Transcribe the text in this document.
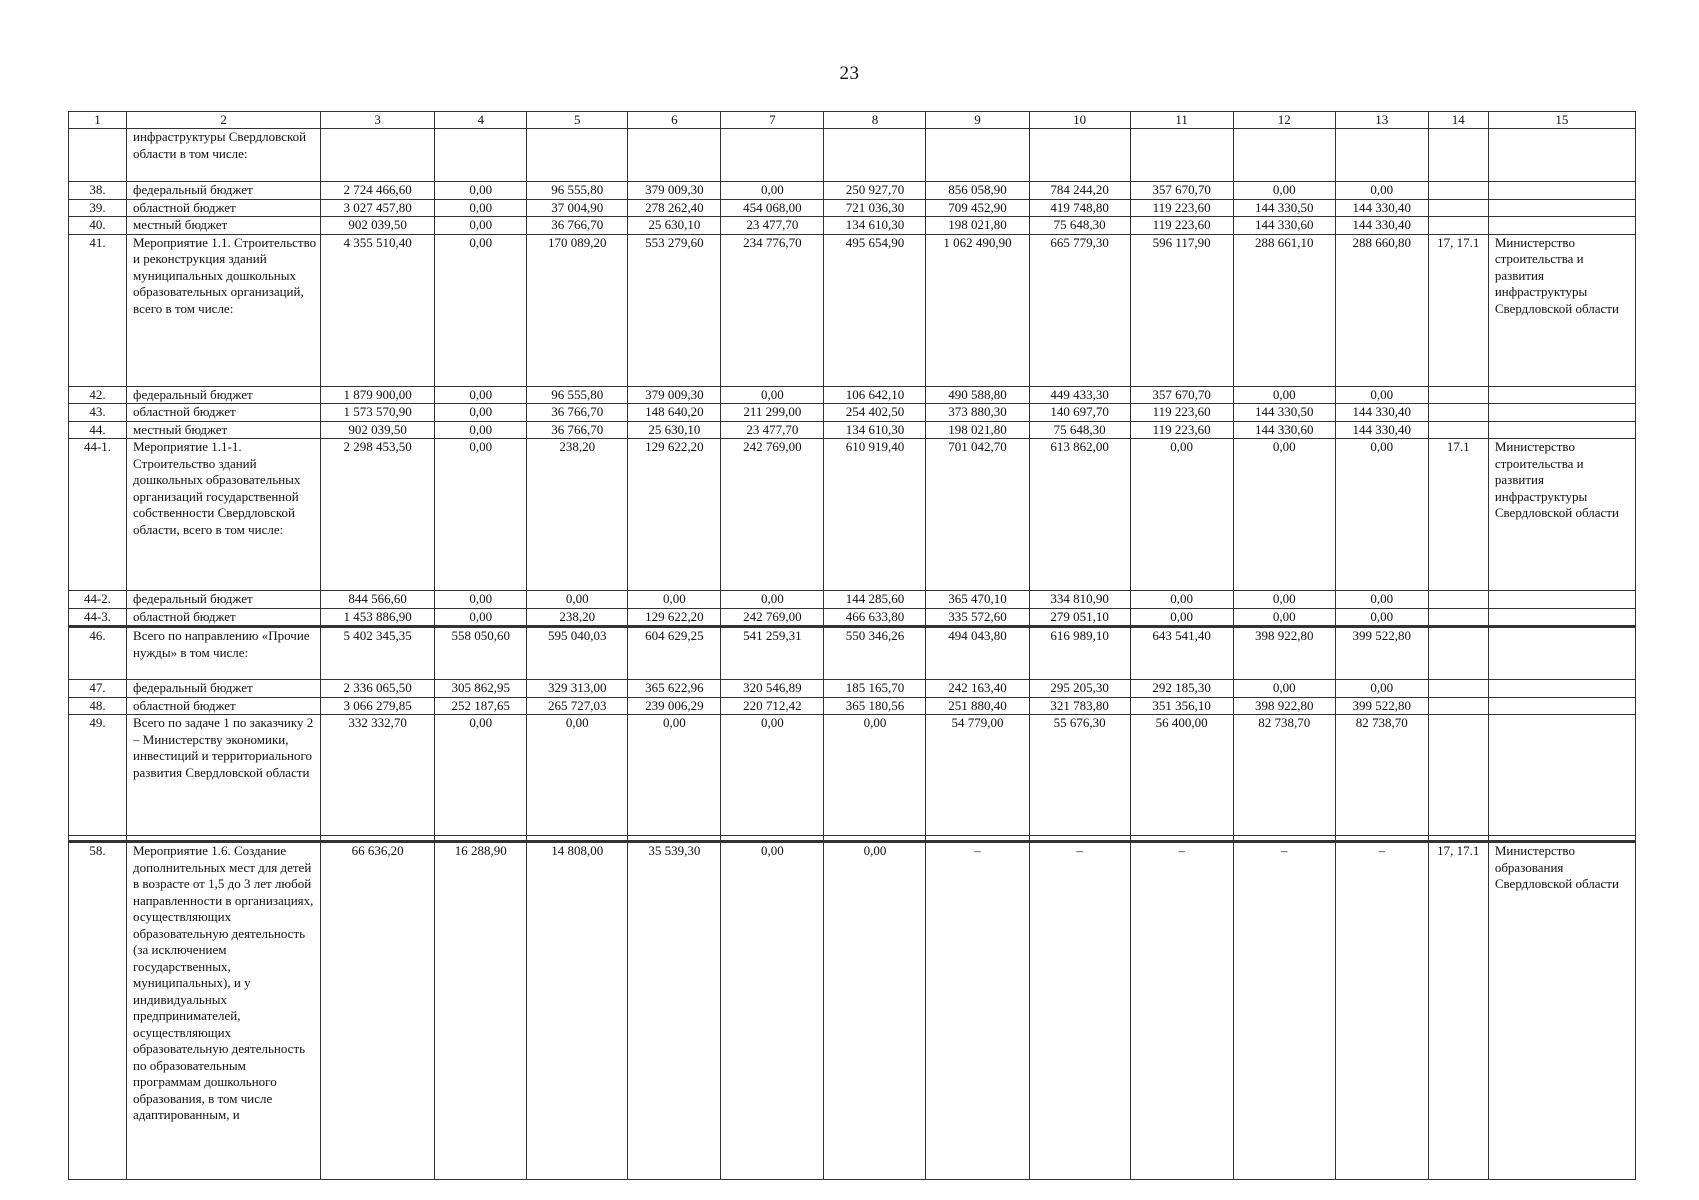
23
1	2	3	4	5	6	7	8	9	10	11	12	13	14	15
	инфраструктуры Свердловской области в том числе:													
38.	федеральный бюджет	2 724 466,60	0,00	96 555,80	379 009,30	0,00	250 927,70	856 058,90	784 244,20	357 670,70	0,00	0,00		
39.	областной бюджет	3 027 457,80	0,00	37 004,90	278 262,40	454 068,00	721 036,30	709 452,90	419 748,80	119 223,60	144 330,50	144 330,40		
40.	местный бюджет	902 039,50	0,00	36 766,70	25 630,10	23 477,70	134 610,30	198 021,80	75 648,30	119 223,60	144 330,60	144 330,40		
41.	Мероприятие 1.1. Строительство и реконструкция зданий муниципальных дошкольных образовательных организаций, всего в том числе:	4 355 510,40	0,00	170 089,20	553 279,60	234 776,70	495 654,90	1 062 490,90	665 779,30	596 117,90	288 661,10	288 660,80	17, 17.1	Министерство строительства и развития инфраструктуры Свердловской области
42.	федеральный бюджет	1 879 900,00	0,00	96 555,80	379 009,30	0,00	106 642,10	490 588,80	449 433,30	357 670,70	0,00	0,00		
43.	областной бюджет	1 573 570,90	0,00	36 766,70	148 640,20	211 299,00	254 402,50	373 880,30	140 697,70	119 223,60	144 330,50	144 330,40		
44.	местный бюджет	902 039,50	0,00	36 766,70	25 630,10	23 477,70	134 610,30	198 021,80	75 648,30	119 223,60	144 330,60	144 330,40		
44-1.	Мероприятие 1.1-1. Строительство зданий дошкольных образовательных организаций государственной собственности Свердловской области, всего в том числе:	2 298 453,50	0,00	238,20	129 622,20	242 769,00	610 919,40	701 042,70	613 862,00	0,00	0,00	0,00	17.1	Министерство строительства и развития инфраструктуры Свердловской области
44-2.	федеральный бюджет	844 566,60	0,00	0,00	0,00	0,00	144 285,60	365 470,10	334 810,90	0,00	0,00	0,00		
44-3.	областной бюджет	1 453 886,90	0,00	238,20	129 622,20	242 769,00	466 633,80	335 572,60	279 051,10	0,00	0,00	0,00		
46.	Всего по направлению «Прочие нужды» в том числе:	5 402 345,35	558 050,60	595 040,03	604 629,25	541 259,31	550 346,26	494 043,80	616 989,10	643 541,40	398 922,80	399 522,80		
47.	федеральный бюджет	2 336 065,50	305 862,95	329 313,00	365 622,96	320 546,89	185 165,70	242 163,40	295 205,30	292 185,30	0,00	0,00		
48.	областной бюджет	3 066 279,85	252 187,65	265 727,03	239 006,29	220 712,42	365 180,56	251 880,40	321 783,80	351 356,10	398 922,80	399 522,80		
49.	Всего по задаче 1 по заказчику 2 – Министерству экономики, инвестиций и территориального развития Свердловской области	332 332,70	0,00	0,00	0,00	0,00	0,00	54 779,00	55 676,30	56 400,00	82 738,70	82 738,70		

58.	Мероприятие 1.6. Создание дополнительных мест для детей в возрасте от 1,5 до 3 лет любой направленности в организациях, осуществляющих образовательную деятельность (за исключением государственных, муниципальных), и у индивидуальных предпринимателей, осуществляющих образовательную деятельность по образовательным программам дошкольного образования, в том числе адаптированным, и	66 636,20	16 288,90	14 808,00	35 539,30	0,00	0,00	–	–	–	–	–	17, 17.1	Министерство образования Свердловской области
